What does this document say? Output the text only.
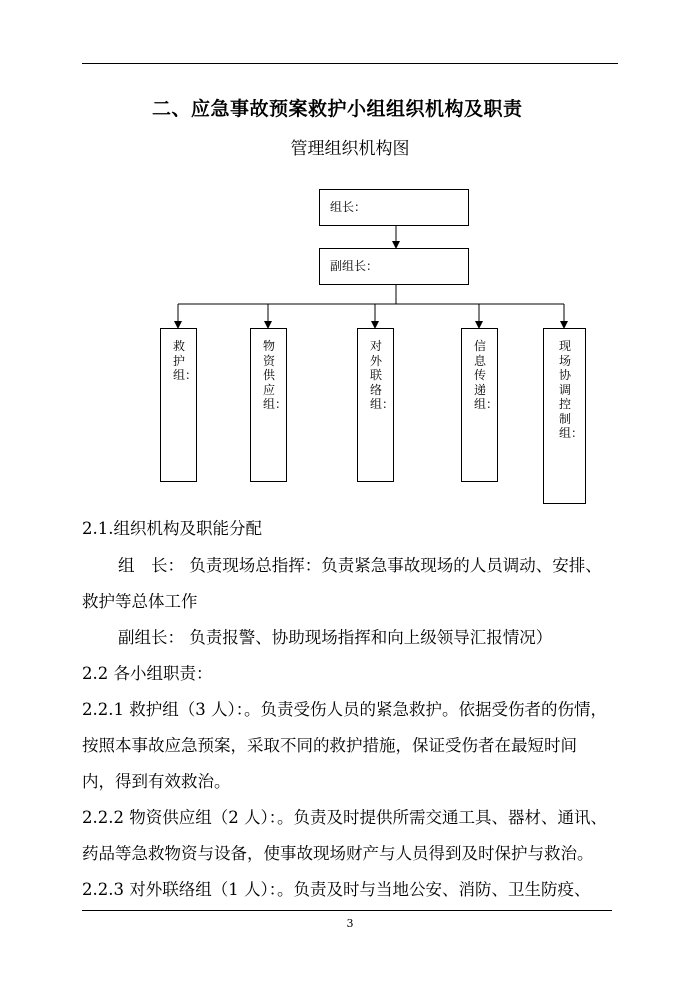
二、应急事故预案救护小组组织机构及职责
管理组织机构图
组长：
副组长：
救护组：
物资供应组：
对外联络组：
信息传递组：
现场协调控制组：
2.1.组织机构及职能分配
组　长： 负责现场总指挥：负责紧急事故现场的人员调动、安排、
救护等总体工作
副组长： 负责报警、协助现场指挥和向上级领导汇报情况）
2.2 各小组职责：
2.2.1 救护组（3 人）：。负责受伤人员的紧急救护。依据受伤者的伤情，
按照本事故应急预案，采取不同的救护措施，保证受伤者在最短时间
内，得到有效救治。
2.2.2 物资供应组（2 人）：。负责及时提供所需交通工具、器材、通讯、
药品等急救物资与设备，使事故现场财产与人员得到及时保护与救治。
2.2.3 对外联络组（1 人）：。负责及时与当地公安、消防、卫生防疫、
3
